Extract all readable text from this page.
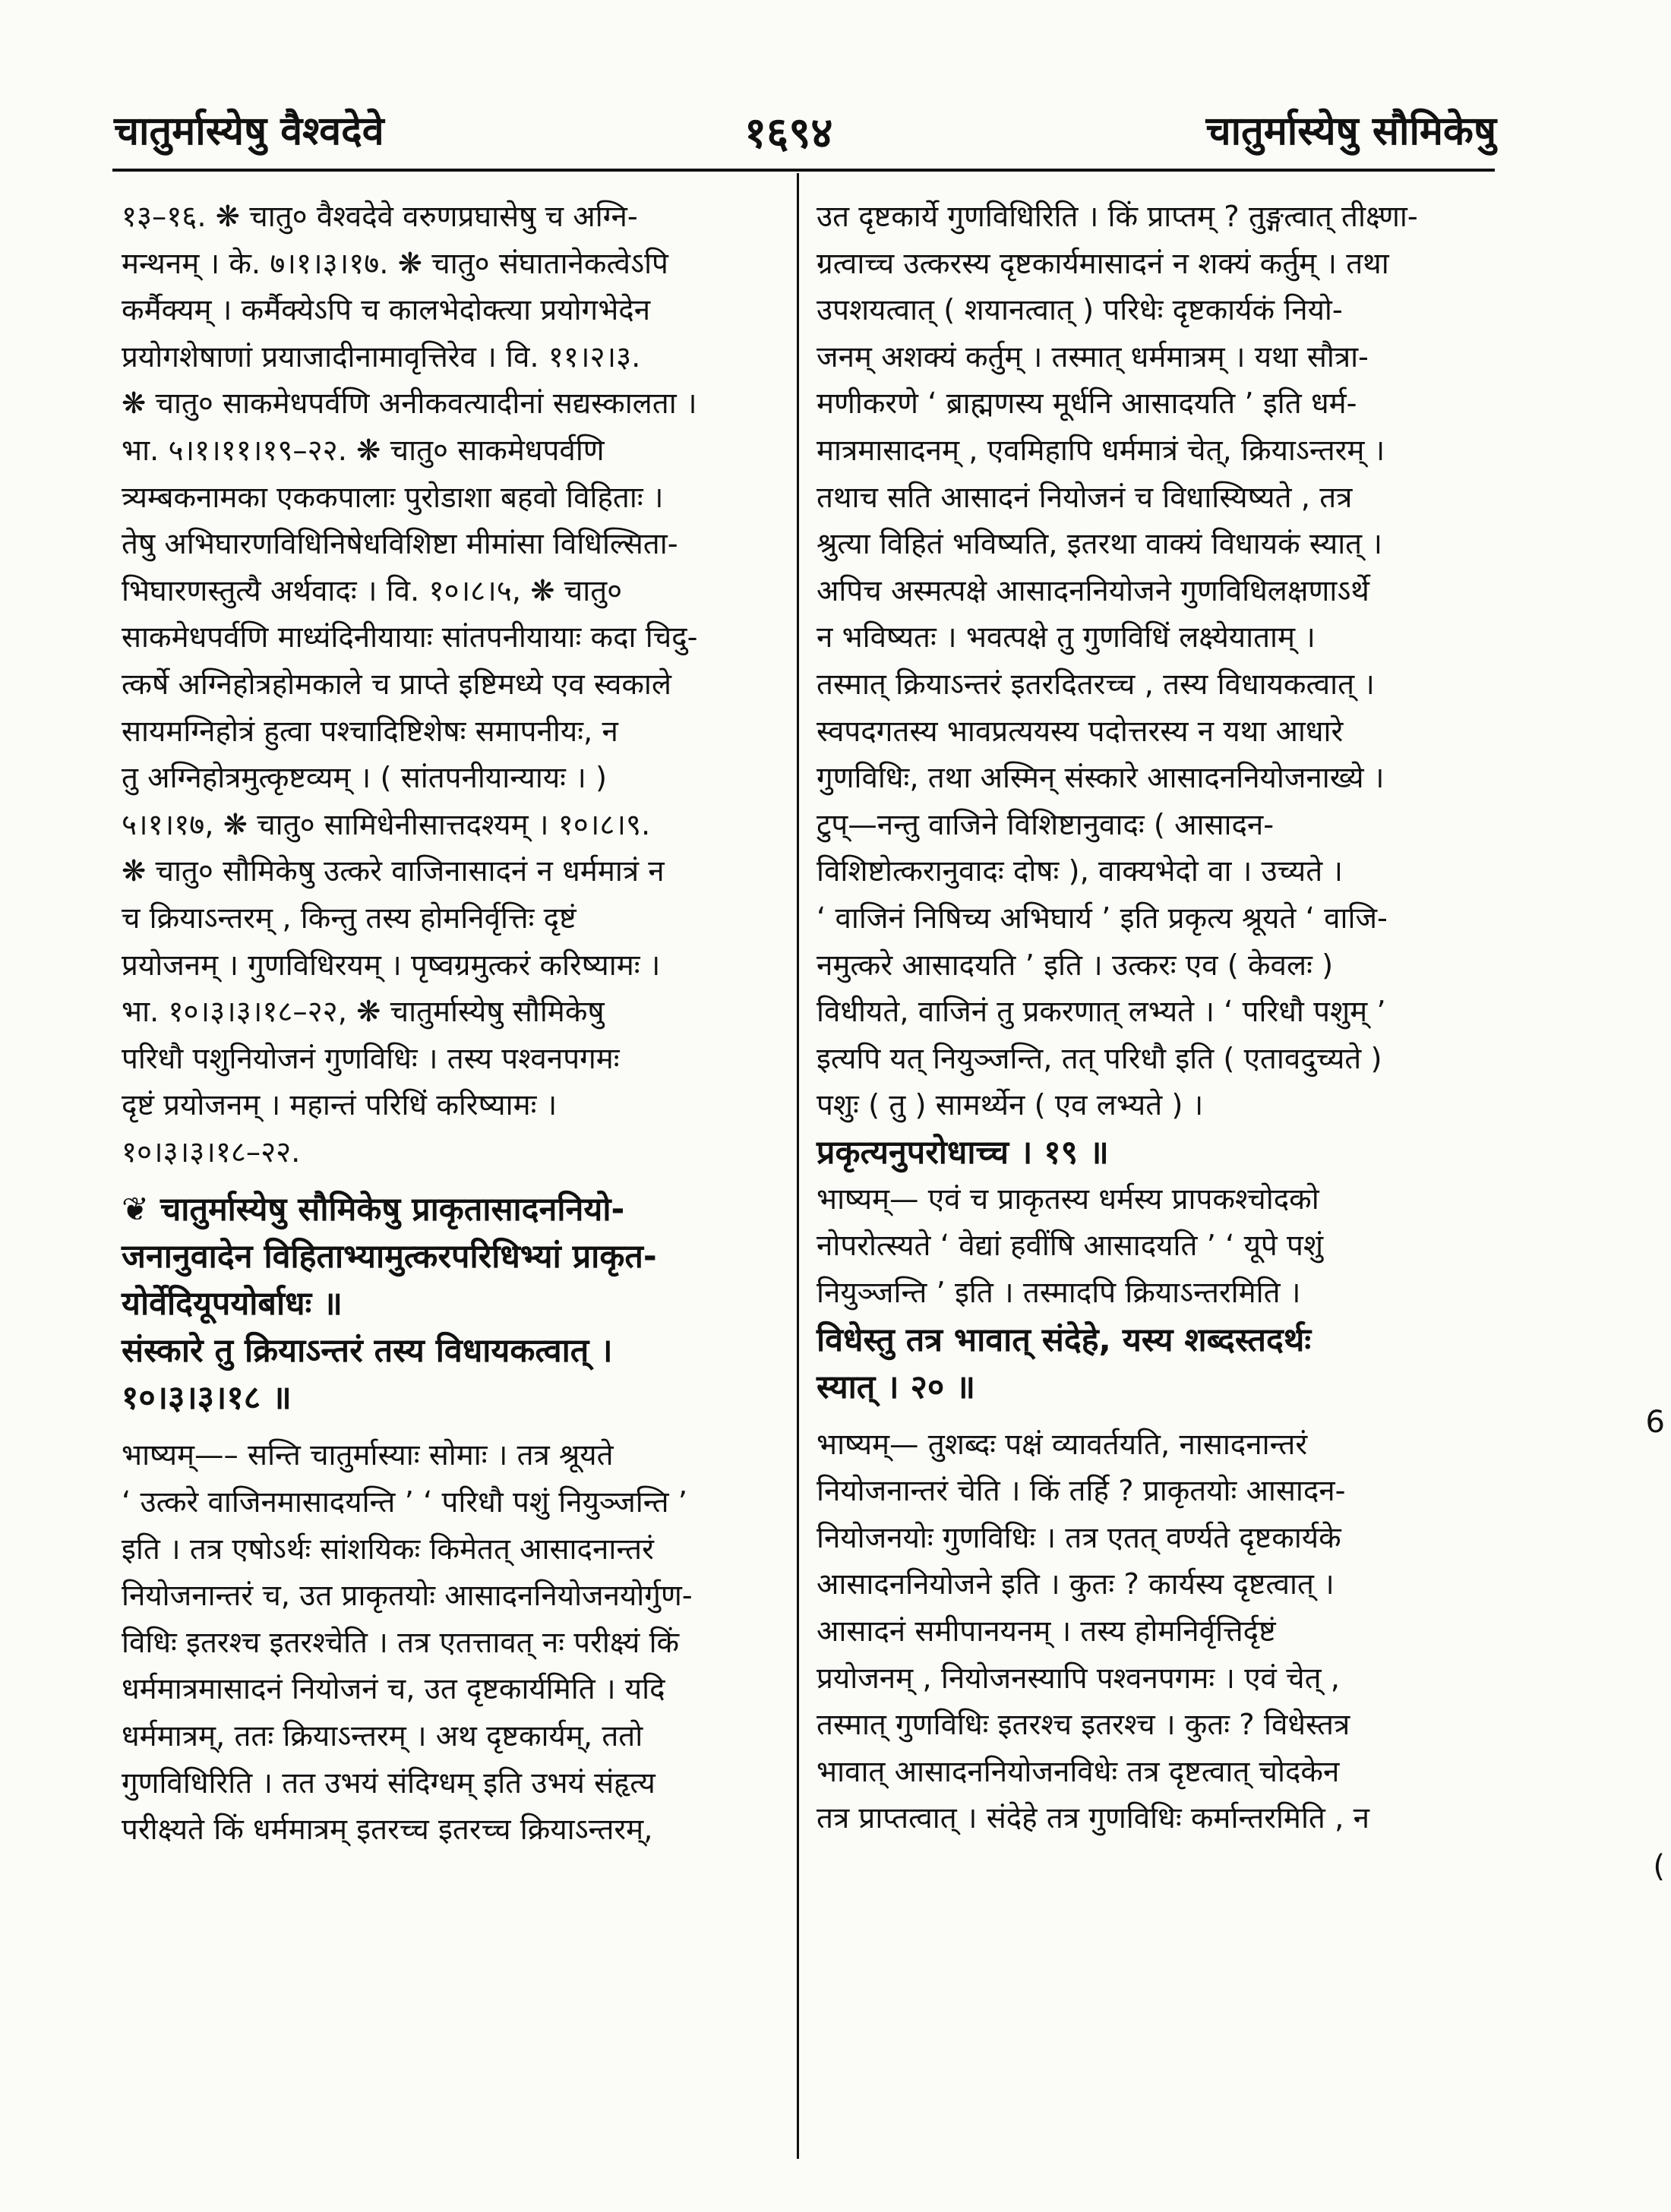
चातुर्मास्येषु वैश्वदेवे	१६९४	चातुर्मास्येषु सौमिकेषु
१३–१६. ❋ चातु० वैश्वदेवे वरुणप्रघासेषु च अग्नि-
मन्थनम् । के. ७।१।३।१७. ❋ चातु० संघातानेकत्वेऽपि
कर्मैक्यम् । कर्मैक्येऽपि च कालभेदोक्त्या प्रयोगभेदेन
प्रयोगशेषाणां प्रयाजादीनामावृत्तिरेव । वि. ११।२।३.
❋ चातु० साकमेधपर्वणि अनीकवत्यादीनां सद्यस्कालता ।
भा. ५।१।११।१९–२२. ❋ चातु० साकमेधपर्वणि
त्र्यम्बकनामका एककपालाः पुरोडाशा बहवो विहिताः ।
तेषु अभिघारणविधिनिषेधविशिष्टा मीमांसा विधिल्सिता-
भिघारणस्तुत्यै अर्थवादः । वि. १०।८।५, ❋ चातु०
साकमेधपर्वणि माध्यंदिनीयायाः सांतपनीयायाः कदा चिदु-
त्कर्षे अग्निहोत्रहोमकाले च प्राप्ते इष्टिमध्ये एव स्वकाले
सायमग्निहोत्रं हुत्वा पश्चादिष्टिशेषः समापनीयः, न
तु अग्निहोत्रमुत्कृष्टव्यम् । ( सांतपनीयान्यायः । )
५।१।१७, ❋ चातु० सामिधेनीसात्तदश्यम् । १०।८।९.
❋ चातु० सौमिकेषु उत्करे वाजिनासादनं न धर्ममात्रं न
च क्रियाऽन्तरम् , किन्तु तस्य होमनिर्वृत्तिः दृष्टं
प्रयोजनम् । गुणविधिरयम् । पृष्वग्रमुत्करं करिष्यामः ।
भा. १०।३।३।१८–२२, ❋ चातुर्मास्येषु सौमिकेषु
परिधौ पशुनियोजनं गुणविधिः । तस्य पश्वनपगमः
दृष्टं प्रयोजनम् । महान्तं परिधिं करिष्यामः ।
१०।३।३।१८–२२.
❦ चातुर्मास्येषु सौमिकेषु प्राकृतासादननियो-
जनानुवादेन विहिताभ्यामुत्करपरिधिभ्यां प्राकृत-
योर्वेदियूपयोर्बाधः ॥
संस्कारे तु क्रियाऽन्तरं तस्य विधायकत्वात् ।
१०।३।३।१८ ॥
भाष्यम्—– सन्ति चातुर्मास्याः सोमाः । तत्र श्रूयते
‘ उत्करे वाजिनमासादयन्ति ’ ‘ परिधौ पशुं नियुञ्जन्ति ’
इति । तत्र एषोऽर्थः सांशयिकः किमेतत् आसादनान्तरं
नियोजनान्तरं च, उत प्राकृतयोः आसादननियोजनयोर्गुण-
विधिः इतरश्च इतरश्चेति । तत्र एतत्तावत् नः परीक्ष्यं किं
धर्ममात्रमासादनं नियोजनं च, उत दृष्टकार्यमिति । यदि
धर्ममात्रम्, ततः क्रियाऽन्तरम् । अथ दृष्टकार्यम्, ततो
गुणविधिरिति । तत उभयं संदिग्धम् इति उभयं संहृत्य
परीक्ष्यते किं धर्ममात्रम् इतरच्च इतरच्च क्रियाऽन्तरम्,
उत दृष्टकार्ये गुणविधिरिति । किं प्राप्तम् ? तुङ्गत्वात् तीक्ष्णा-
ग्रत्वाच्च उत्करस्य दृष्टकार्यमासादनं न शक्यं कर्तुम् । तथा
उपशयत्वात् ( शयानत्वात् ) परिधेः दृष्टकार्यकं नियो-
जनम् अशक्यं कर्तुम् । तस्मात् धर्ममात्रम् । यथा सौत्रा-
मणीकरणे ‘ ब्राह्मणस्य मूर्धनि आसादयति ’ इति धर्म-
मात्रमासादनम् , एवमिहापि धर्ममात्रं चेत्, क्रियाऽन्तरम् ।
तथाच सति आसादनं नियोजनं च विधास्यिष्यते , तत्र
श्रुत्या विहितं भविष्यति, इतरथा वाक्यं विधायकं स्यात् ।
अपिच अस्मत्पक्षे आसादननियोजने गुणविधिलक्षणाऽर्थे
न भविष्यतः । भवत्पक्षे तु गुणविधिं लक्ष्येयाताम् ।
तस्मात् क्रियाऽन्तरं इतरदितरच्च , तस्य विधायकत्वात् ।
स्वपदगतस्य भावप्रत्ययस्य पदोत्तरस्य न यथा आधारे
गुणविधिः, तथा अस्मिन् संस्कारे आसादननियोजनाख्ये ।
टुप्—नन्तु वाजिने विशिष्टानुवादः ( आसादन-
विशिष्टोत्करानुवादः दोषः ), वाक्यभेदो वा । उच्यते ।
‘ वाजिनं निषिच्य अभिघार्य ’ इति प्रकृत्य श्रूयते ‘ वाजि-
नमुत्करे आसादयति ’ इति । उत्करः एव ( केवलः )
विधीयते, वाजिनं तु प्रकरणात् लभ्यते । ‘ परिधौ पशुम् ’
इत्यपि यत् नियुञ्जन्ति, तत् परिधौ इति ( एतावदुच्यते )
पशुः ( तु ) सामर्थ्येन ( एव लभ्यते ) ।
प्रकृत्यनुपरोधाच्च । १९ ॥
भाष्यम्— एवं च प्राकृतस्य धर्मस्य प्रापकश्चोदको
नोपरोत्स्यते ‘ वेद्यां हवींषि आसादयति ’ ‘ यूपे पशुं
नियुञ्जन्ति ’ इति । तस्मादपि क्रियाऽन्तरमिति ।
विधेस्तु तत्र भावात् संदेहे, यस्य शब्दस्तदर्थः
स्यात् । २० ॥
भाष्यम्— तुशब्दः पक्षं व्यावर्तयति, नासादनान्तरं
नियोजनान्तरं चेति । किं तर्हि ? प्राकृतयोः आसादन-
नियोजनयोः गुणविधिः । तत्र एतत् वर्ण्यते दृष्टकार्यके
आसादननियोजने इति । कुतः ? कार्यस्य दृष्टत्वात् ।
आसादनं समीपानयनम् । तस्य होमनिर्वृत्तिर्दृष्टं
प्रयोजनम् , नियोजनस्यापि पश्वनपगमः । एवं चेत् ,
तस्मात् गुणविधिः इतरश्च इतरश्च । कुतः ? विधेस्तत्र
भावात् आसादननियोजनविधेः तत्र दृष्टत्वात् चोदकेन
तत्र प्राप्तत्वात् । संदेहे तत्र गुणविधिः कर्मान्तरमिति , न
6
(
